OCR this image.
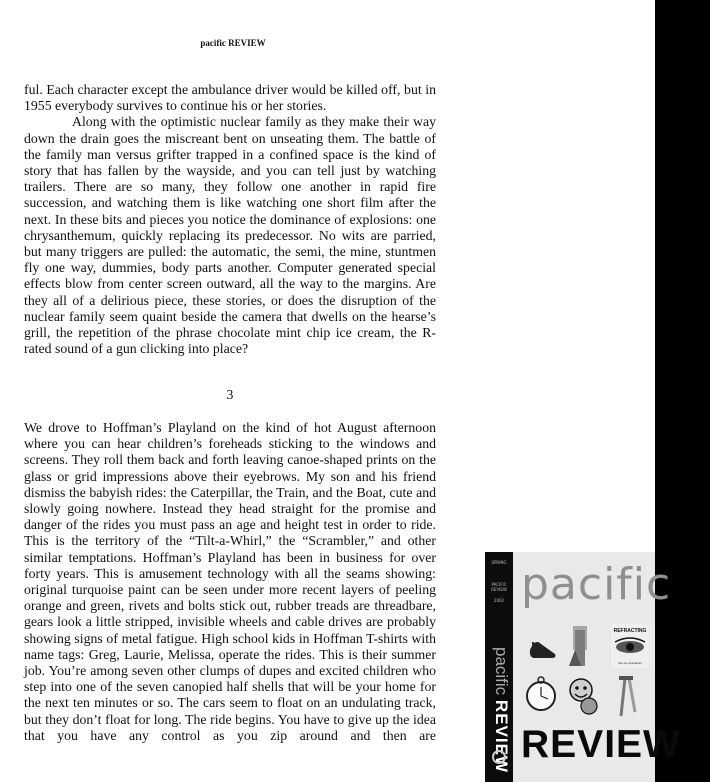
pacific REVIEW

ful. Each character except the ambulance driver would be killed off, but in 1955 everybody survives to continue his or her stories.

Along with the optimistic nuclear family as they make their way down the drain goes the miscreant bent on unseating them. The battle of the family man versus grifter trapped in a confined space is the kind of story that has fallen by the wayside, and you can tell just by watching trailers. There are so many, they follow one another in rapid fire succession, and watching them is like watching one short film after the next. In these bits and pieces you notice the dominance of explosions: one chrysanthemum, quickly replacing its predecessor. No wits are parried, but many triggers are pulled: the automatic, the semi, the mine, stuntmen fly one way, dummies, body parts another. Computer generated special effects blow from center screen outward, all the way to the margins. Are they all of a delirious piece, these stories, or does the disruption of the nuclear family seem quaint beside the camera that dwells on the hearse’s grill, the repetition of the phrase chocolate mint chip ice cream, the R-rated sound of a gun clicking into place?

3

We drove to Hoffman’s Playland on the kind of hot August afternoon where you can hear children’s foreheads sticking to the windows and screens. They roll them back and forth leaving canoe-shaped prints on the glass or grid impressions above their eyebrows. My son and his friend dismiss the babyish rides: the Caterpillar, the Train, and the Boat, cute and slowly going nowhere. Instead they head straight for the promise and danger of the rides you must pass an age and height test in order to ride. This is the territory of the “Tilt-a-Whirl,” the “Scrambler,” and other similar temptations. Hoffman’s Playland has been in business for over forty years. This is amusement technology with all the seams showing: original turquoise paint can be seen under more recent layers of peeling orange and green, rivets and bolts stick out, rubber treads are threadbare, gears look a little stripped, invisible wheels and cable drives are probably showing signs of metal fatigue. High school kids in Hoffman T-shirts with name tags: Greg, Laurie, Melissa, operate the rides. This is their summer job. You’re among seven other clumps of dupes and excited children who step into one of the seven canopied half shells that will be your home for the next ten minutes or so. The cars seem to float on an undulating track, but they don’t float for long. The ride begins. You have to give up the idea that you have any control as you zip around and then are

SPRING
PACIFIC REVIEW
2002
pacific REVIEW
pacific
REFRACTING
We are lipstaticks
REVIEW
